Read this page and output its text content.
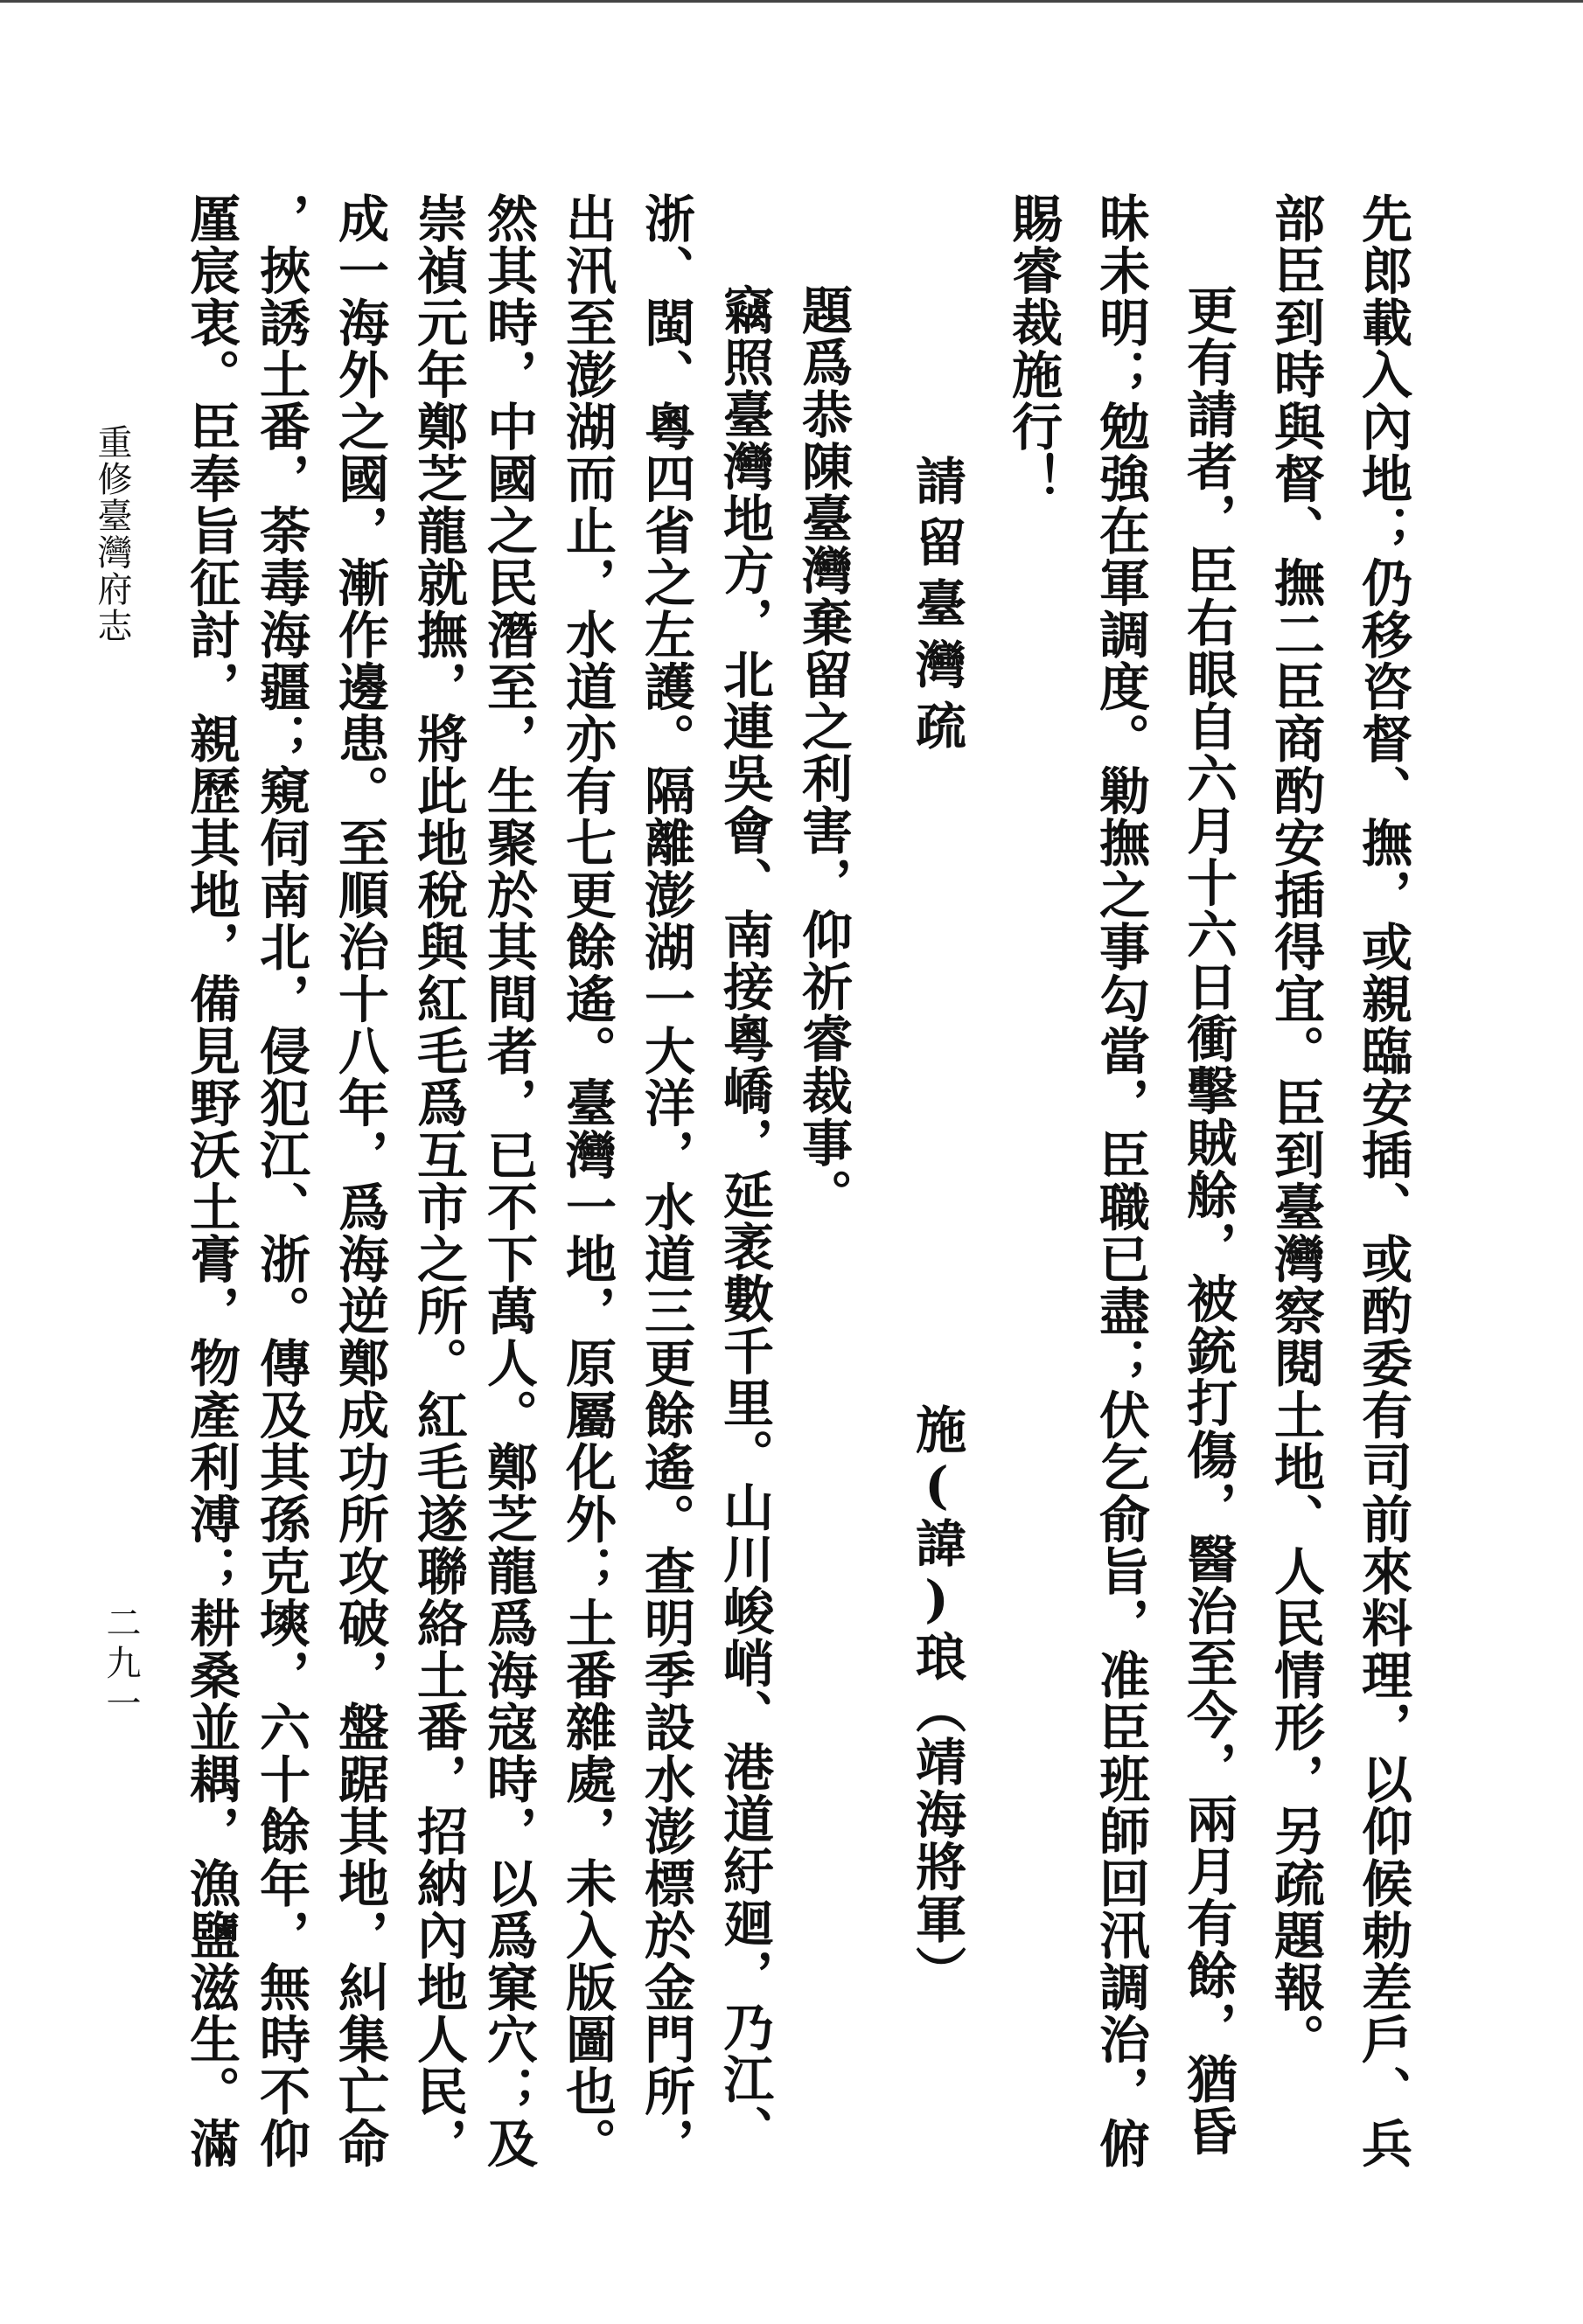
先郎載入內地；仍移咨督、撫，或親臨安插、或酌委有司前來料理，以仰候勅差戶、兵
部臣到時與督、撫二臣商酌安插得宜。臣到臺灣察閱土地、人民情形，另疏題報。
更有請者，臣右眼自六月十六日衝擊賊艅，被銃打傷，醫治至今，兩月有餘，猶昏
昧未明；勉強在軍調度。勦撫之事勾當，臣職已盡；伏乞俞旨，准臣班師回汛調治，俯
賜睿裁施行！
請留臺灣疏
施(諱)琅（靖海將軍）
題爲恭陳臺灣棄留之利害，仰祈睿裁事。
竊照臺灣地方，北連吳會、南接粵嶠，延袤數千里。山川峻峭、港道紆廻，乃江、
浙、閩、粵四省之左護。隔離澎湖一大洋，水道三更餘遙。查明季設水澎標於金門所，
出汛至澎湖而止，水道亦有七更餘遙。臺灣一地，原屬化外；土番雜處，未入版圖也。
然其時，中國之民潛至，生聚於其間者，已不下萬人。鄭芝龍爲海寇時，以爲窠穴；及
崇禎元年鄭芝龍就撫，將此地稅與紅毛爲互市之所。紅毛遂聯絡土番，招納內地人民，
成一海外之國，漸作邊患。至順治十八年，爲海逆鄭成功所攻破，盤踞其地，糾集亡命
，挾誘土番，荼毒海疆；窺伺南北，侵犯江、浙。傳及其孫克塽，六十餘年，無時不仰
厪宸衷。臣奉旨征討，親歷其地，備見野沃土膏，物產利溥；耕桑並耦，漁鹽滋生。滿
重修臺灣府志
二九一
